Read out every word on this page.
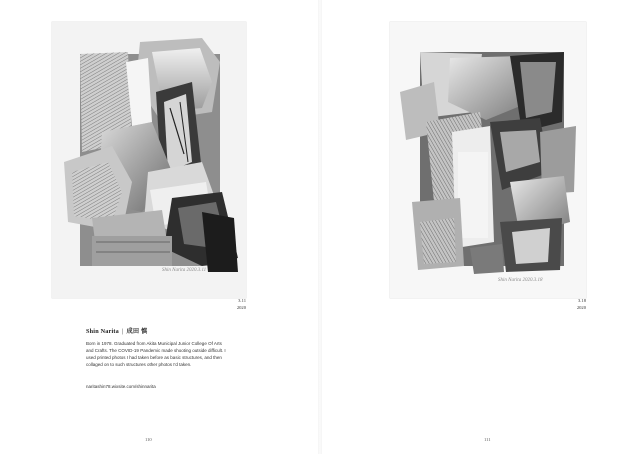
Shin Narita 2020.3.11
3.11
2020
Shin Narita | 成田 慎
Born in 1978. Graduated from Akita Municipal Junior College Of Arts and Crafts. The COVID-19 Pandemic made shooting outside difficult. I used printed photos I had taken before as basic structures, and then collaged on to such structures other photos I'd taken.
naritashin78.wixsite.com/shinnarita
110	111
3.18
2020
Shin Narita 2020.3.18
